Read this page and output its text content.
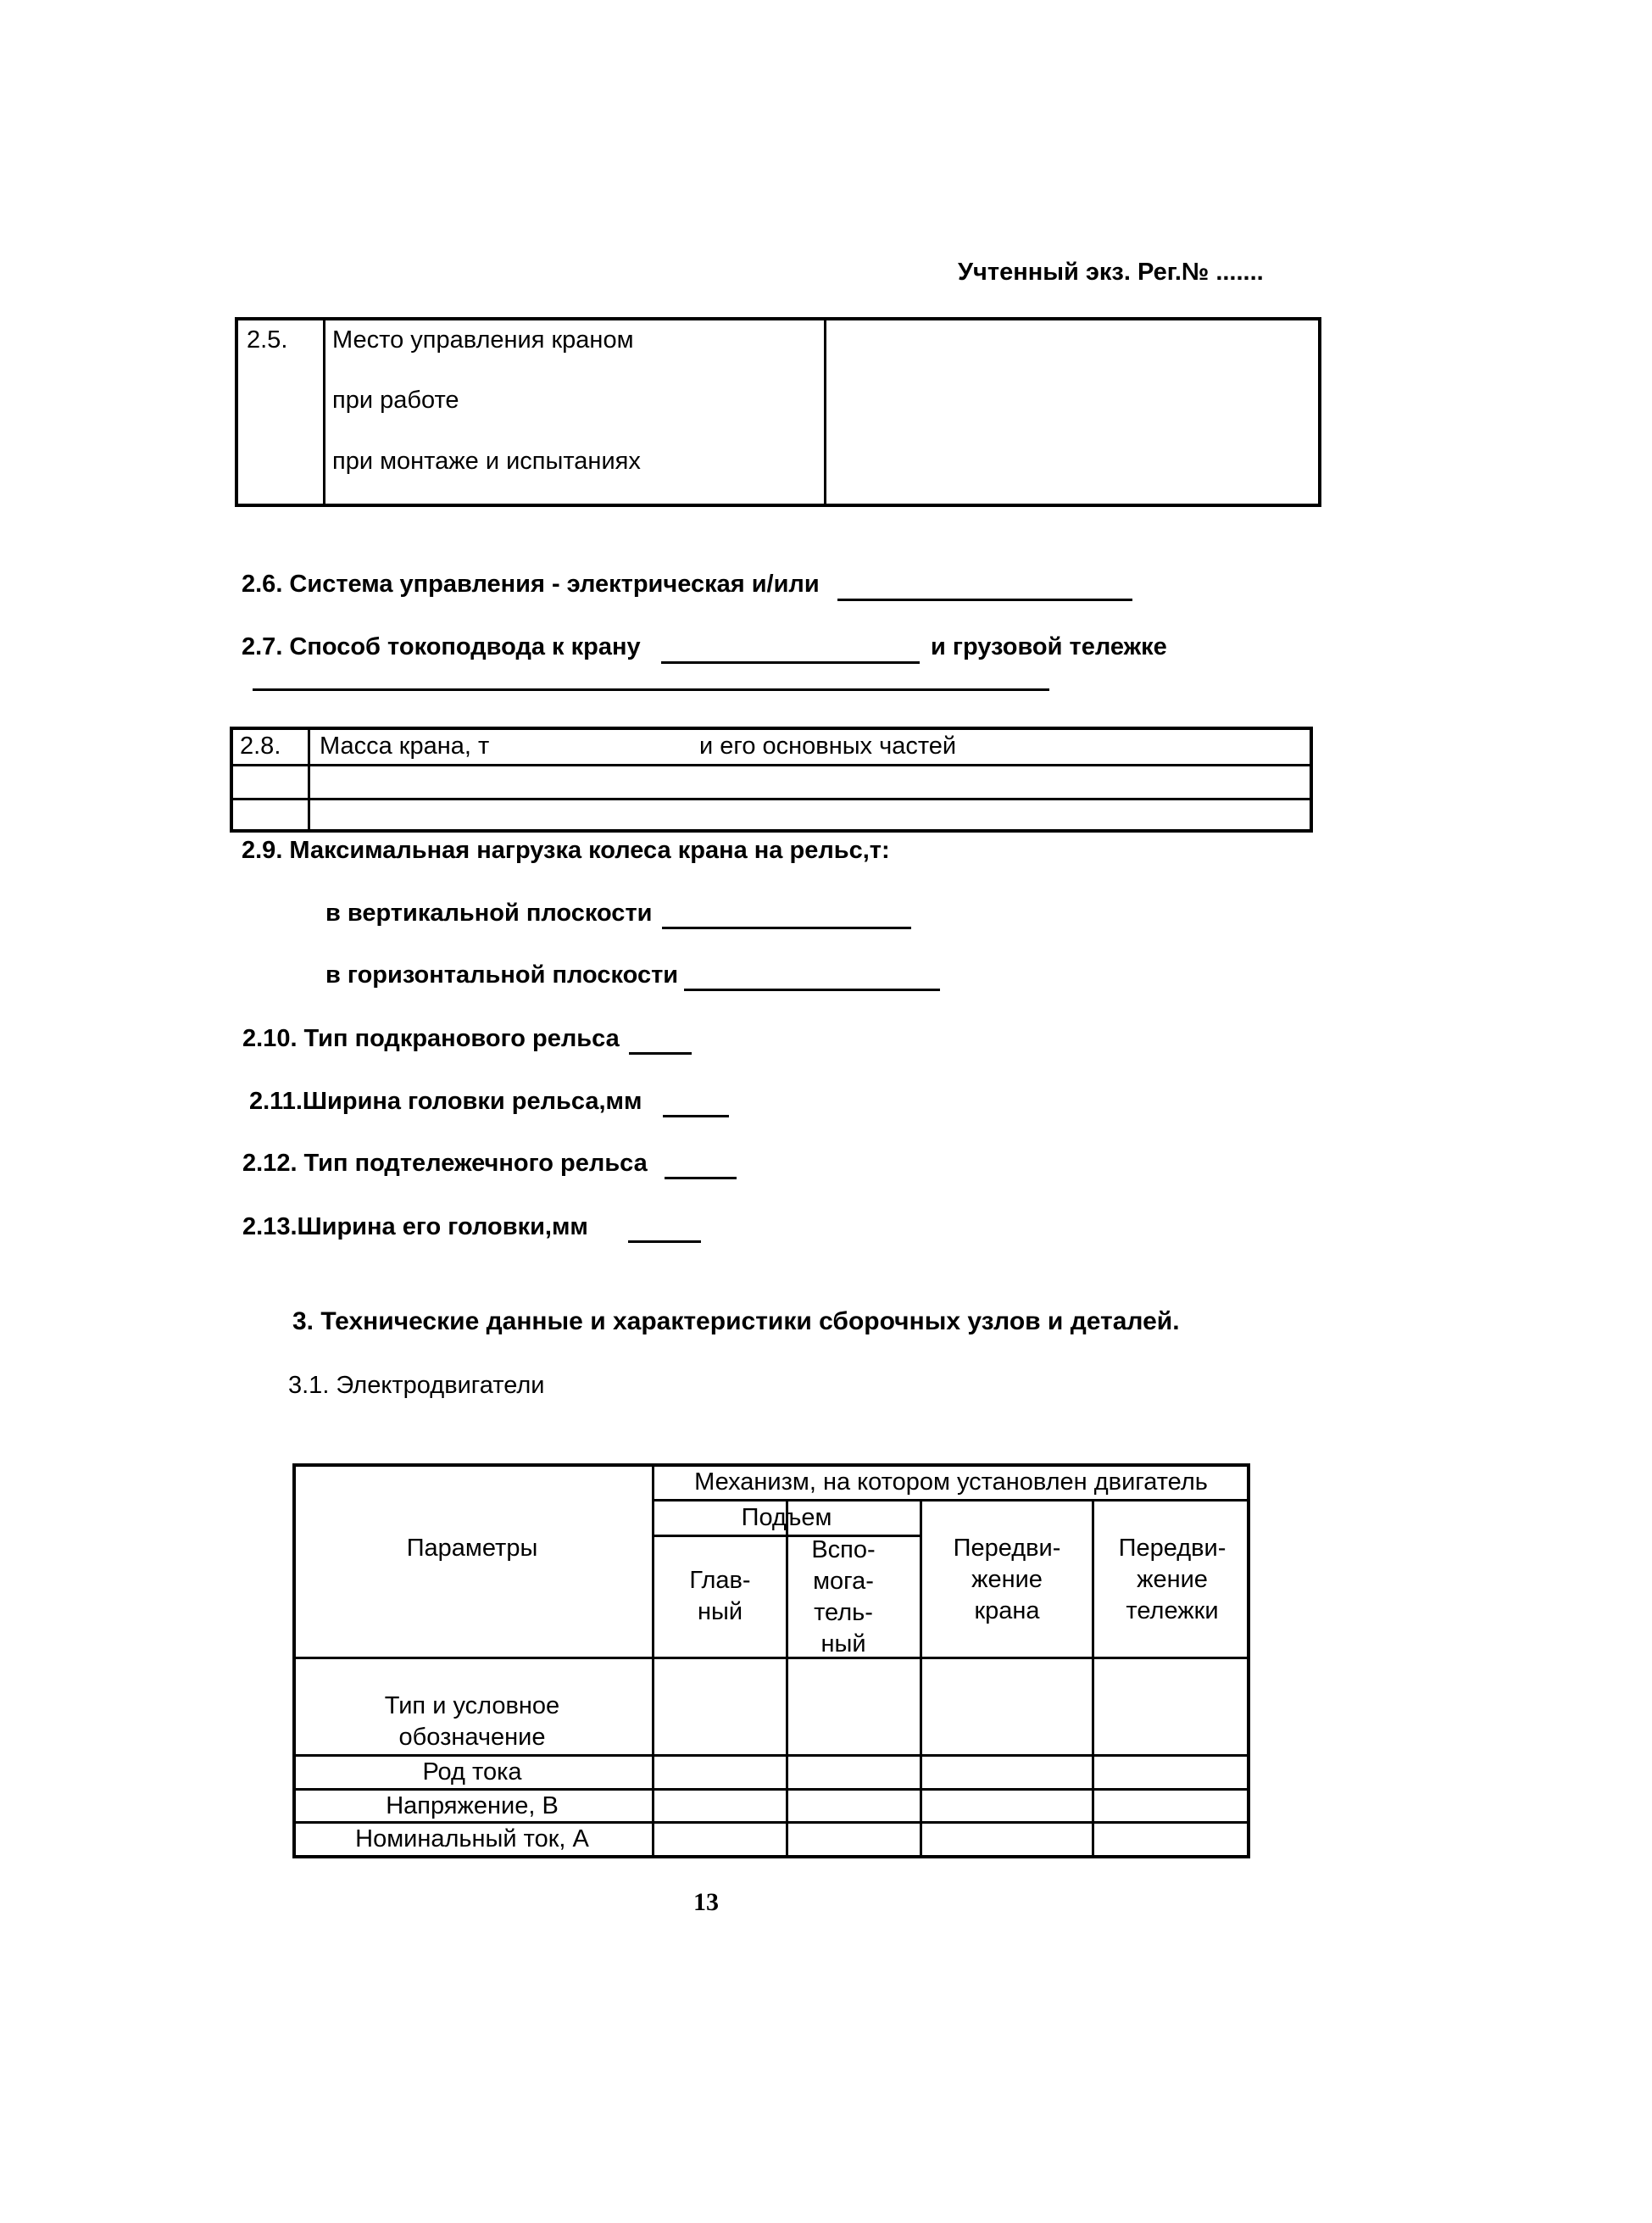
Учтенный экз. Рег.№ .......
2.5. Место управления краном
при работе
при монтаже и испытаниях
2.6. Система управления - электрическая и/или
2.7. Способ токоподвода к крану	и грузовой тележке
2.8. Масса крана, т	и его основных частей
2.9. Максимальная нагрузка колеса крана на рельс,т:
в вертикальной плоскости
в горизонтальной плоскости
2.10. Тип подкранового рельса
2.11.Ширина головки рельса,мм
2.12. Тип подтележечного рельса
2.13.Ширина его головки,мм
3. Технические данные и характеристики сборочных узлов и деталей.
3.1. Электродвигатели
Параметры
Механизм, на котором установлен двигатель
Подъем
Глав-
ный
Вспо-
мога-
тель-
ный
Передви-
жение
крана
Передви-
жение
тележки
Тип и условное
обозначение
Род тока
Напряжение, В
Номинальный ток, А
13
